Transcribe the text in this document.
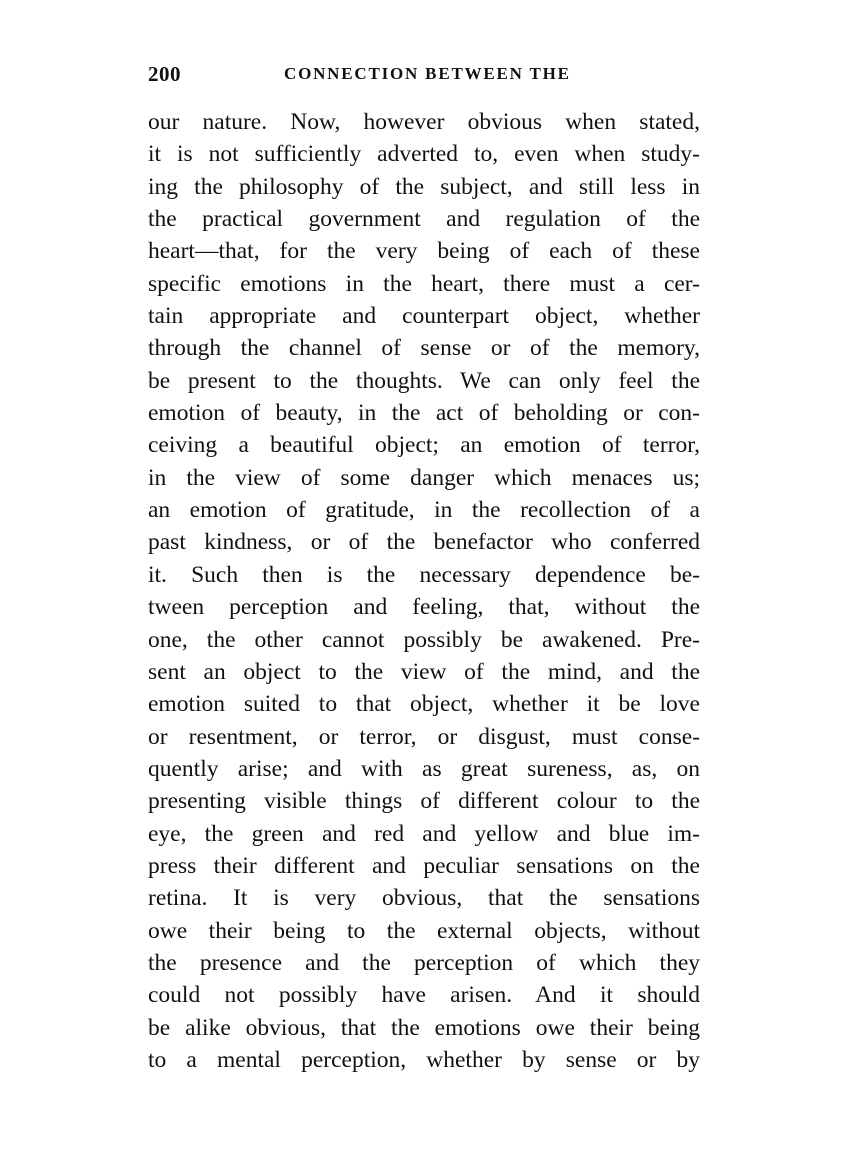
200	CONNECTION BETWEEN THE
our nature. Now, however obvious when stated,
it is not sufficiently adverted to, even when study-
ing the philosophy of the subject, and still less in
the practical government and regulation of the
heart—that, for the very being of each of these
specific emotions in the heart, there must a cer-
tain appropriate and counterpart object, whether
through the channel of sense or of the memory,
be present to the thoughts. We can only feel the
emotion of beauty, in the act of beholding or con-
ceiving a beautiful object; an emotion of terror,
in the view of some danger which menaces us;
an emotion of gratitude, in the recollection of a
past kindness, or of the benefactor who conferred
it. Such then is the necessary dependence be-
tween perception and feeling, that, without the
one, the other cannot possibly be awakened. Pre-
sent an object to the view of the mind, and the
emotion suited to that object, whether it be love
or resentment, or terror, or disgust, must conse-
quently arise; and with as great sureness, as, on
presenting visible things of different colour to the
eye, the green and red and yellow and blue im-
press their different and peculiar sensations on the
retina. It is very obvious, that the sensations
owe their being to the external objects, without
the presence and the perception of which they
could not possibly have arisen. And it should
be alike obvious, that the emotions owe their being
to a mental perception, whether by sense or by
